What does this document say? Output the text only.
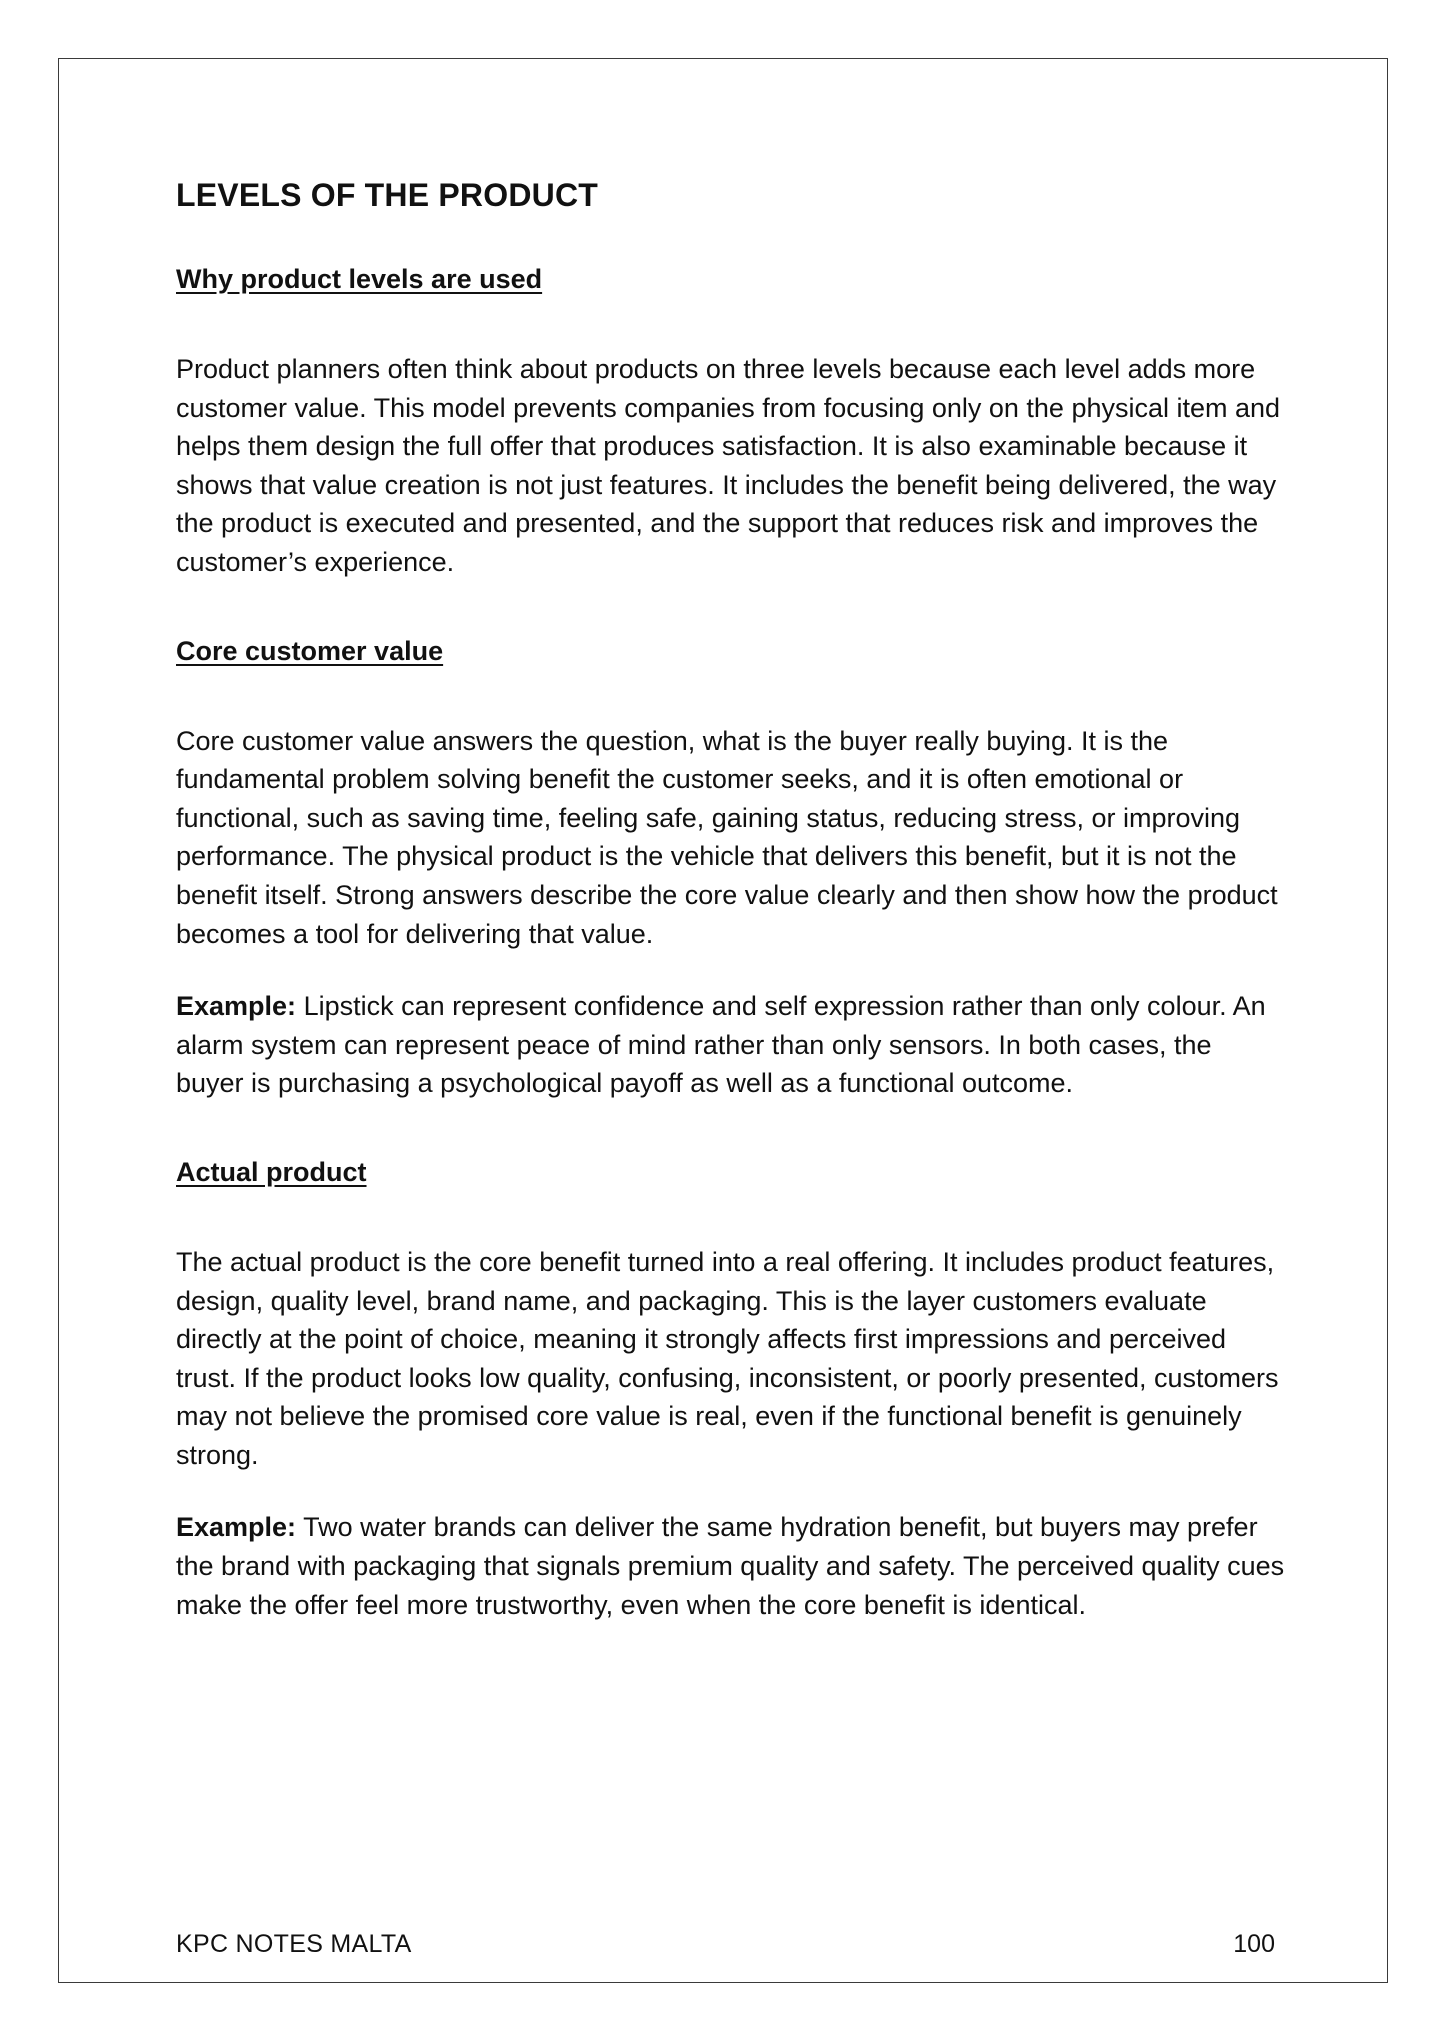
LEVELS OF THE PRODUCT
Why product levels are used

Product planners often think about products on three levels because each level adds more customer value. This model prevents companies from focusing only on the physical item and helps them design the full offer that produces satisfaction. It is also examinable because it shows that value creation is not just features. It includes the benefit being delivered, the way the product is executed and presented, and the support that reduces risk and improves the customer’s experience.

Core customer value

Core customer value answers the question, what is the buyer really buying. It is the fundamental problem solving benefit the customer seeks, and it is often emotional or functional, such as saving time, feeling safe, gaining status, reducing stress, or improving performance. The physical product is the vehicle that delivers this benefit, but it is not the benefit itself. Strong answers describe the core value clearly and then show how the product becomes a tool for delivering that value.

Example: Lipstick can represent confidence and self expression rather than only colour. An alarm system can represent peace of mind rather than only sensors. In both cases, the buyer is purchasing a psychological payoff as well as a functional outcome.

Actual product

The actual product is the core benefit turned into a real offering. It includes product features, design, quality level, brand name, and packaging. This is the layer customers evaluate directly at the point of choice, meaning it strongly affects first impressions and perceived trust. If the product looks low quality, confusing, inconsistent, or poorly presented, customers may not believe the promised core value is real, even if the functional benefit is genuinely strong.

Example: Two water brands can deliver the same hydration benefit, but buyers may prefer the brand with packaging that signals premium quality and safety. The perceived quality cues make the offer feel more trustworthy, even when the core benefit is identical.

KPC NOTES MALTA	100
